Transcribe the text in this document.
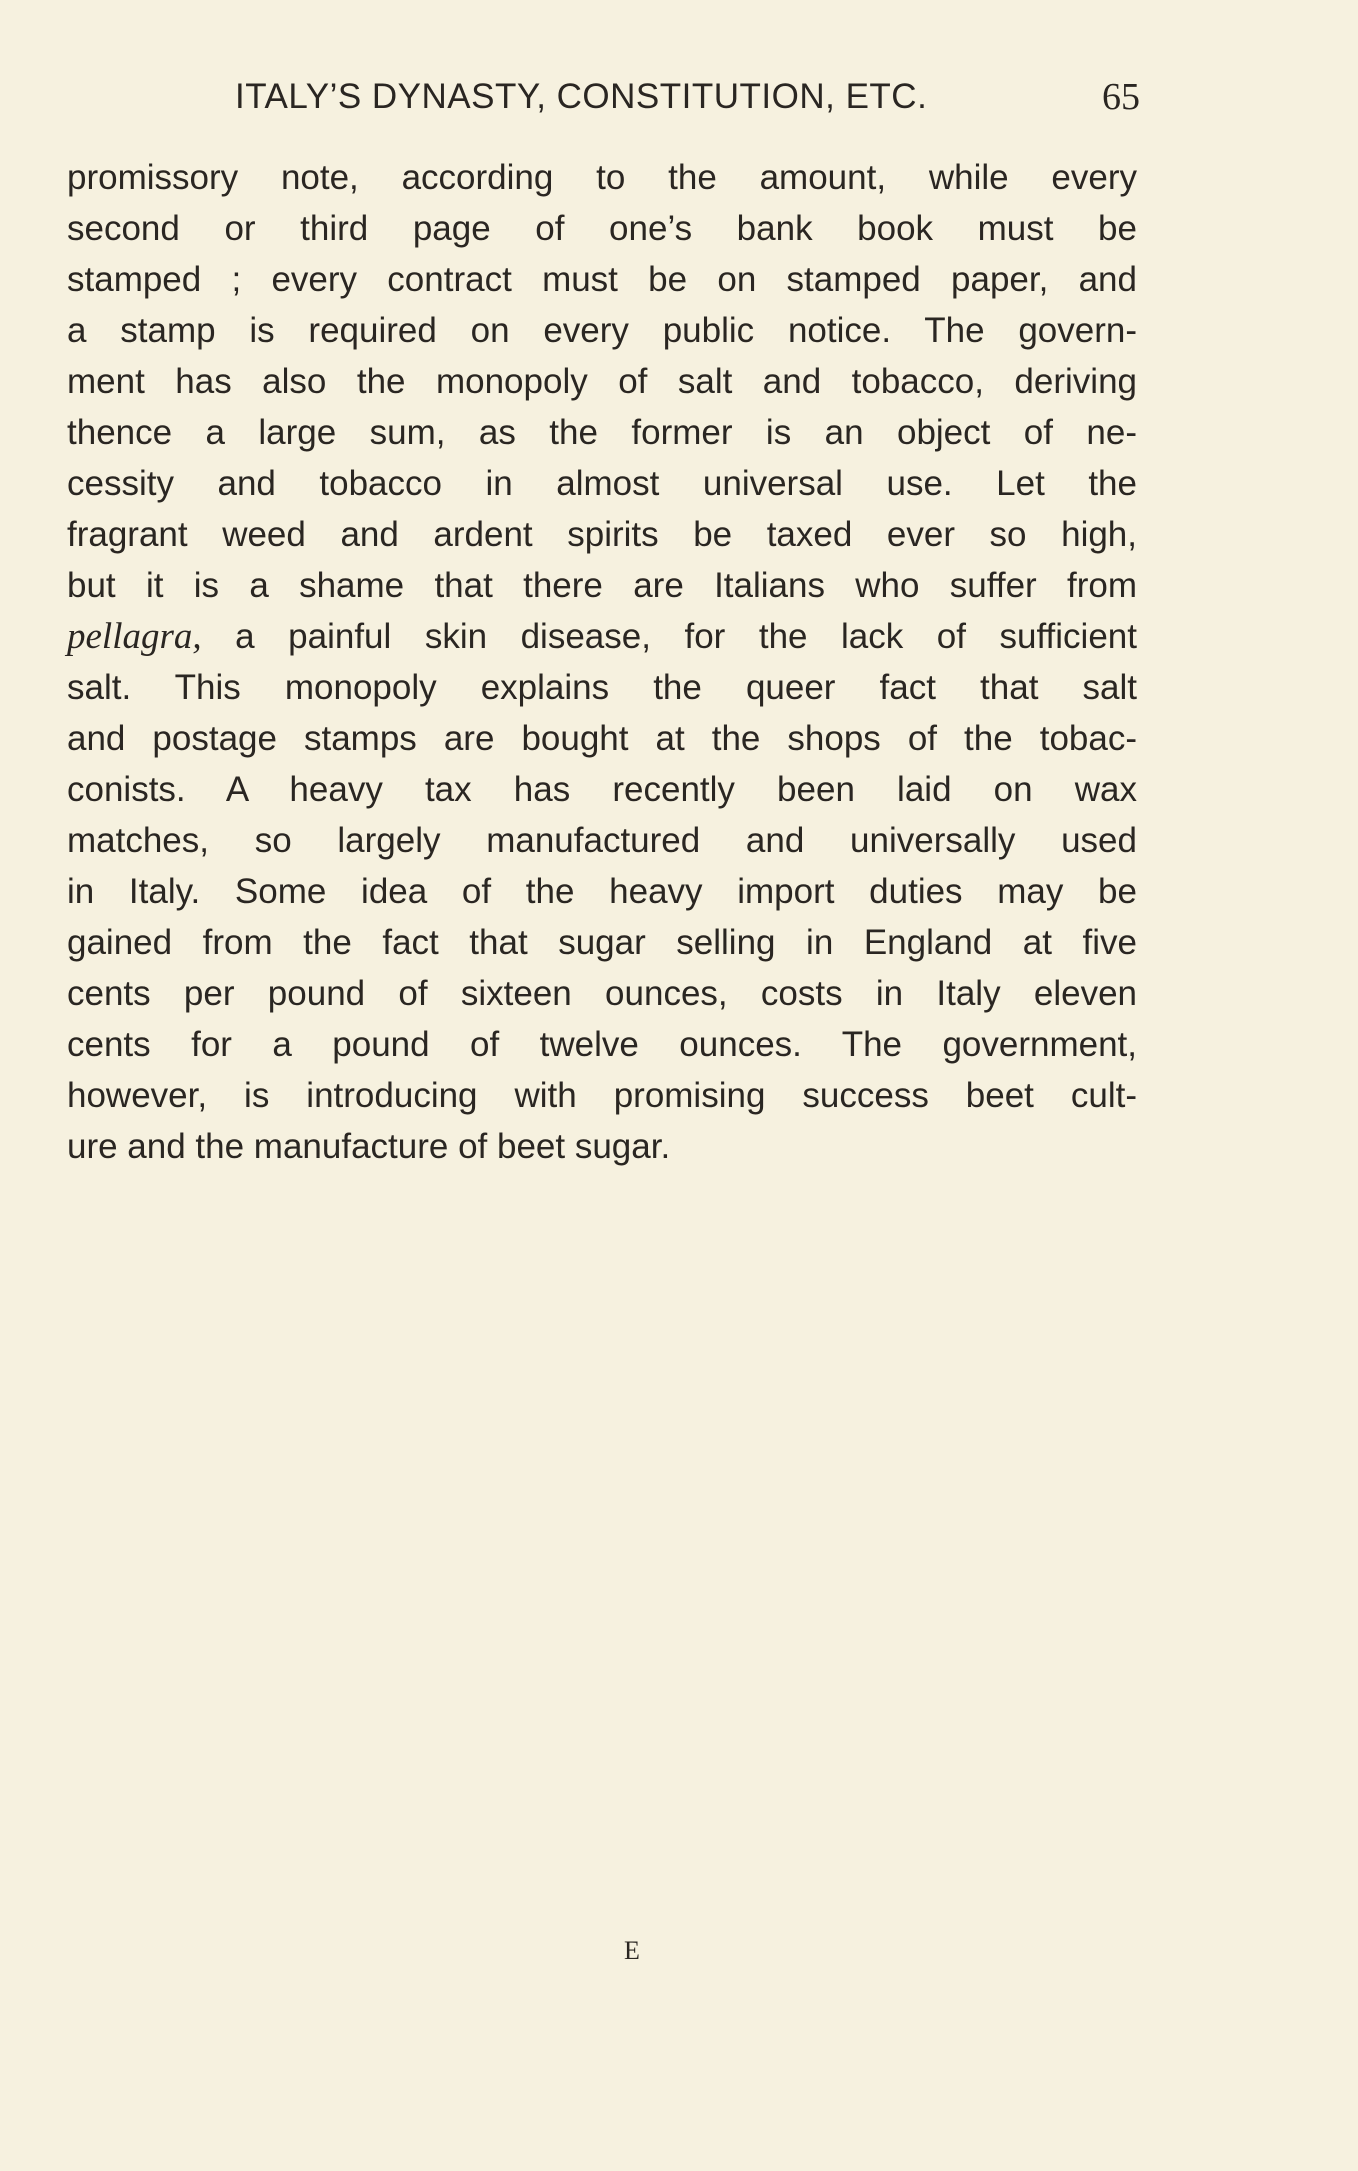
ITALY’S DYNASTY, CONSTITUTION, ETC.	65
promissory note, according to the amount, while every
second or third page of one’s bank book must be
stamped ; every contract must be on stamped paper, and
a stamp is required on every public notice. The govern-
ment has also the monopoly of salt and tobacco, deriving
thence a large sum, as the former is an object of ne-
cessity and tobacco in almost universal use. Let the
fragrant weed and ardent spirits be taxed ever so high,
but it is a shame that there are Italians who suffer from
pellagra, a painful skin disease, for the lack of sufficient
salt. This monopoly explains the queer fact that salt
and postage stamps are bought at the shops of the tobac-
conists. A heavy tax has recently been laid on wax
matches, so largely manufactured and universally used
in Italy. Some idea of the heavy import duties may be
gained from the fact that sugar selling in England at five
cents per pound of sixteen ounces, costs in Italy eleven
cents for a pound of twelve ounces. The government,
however, is introducing with promising success beet cult-
ure and the manufacture of beet sugar.
E
